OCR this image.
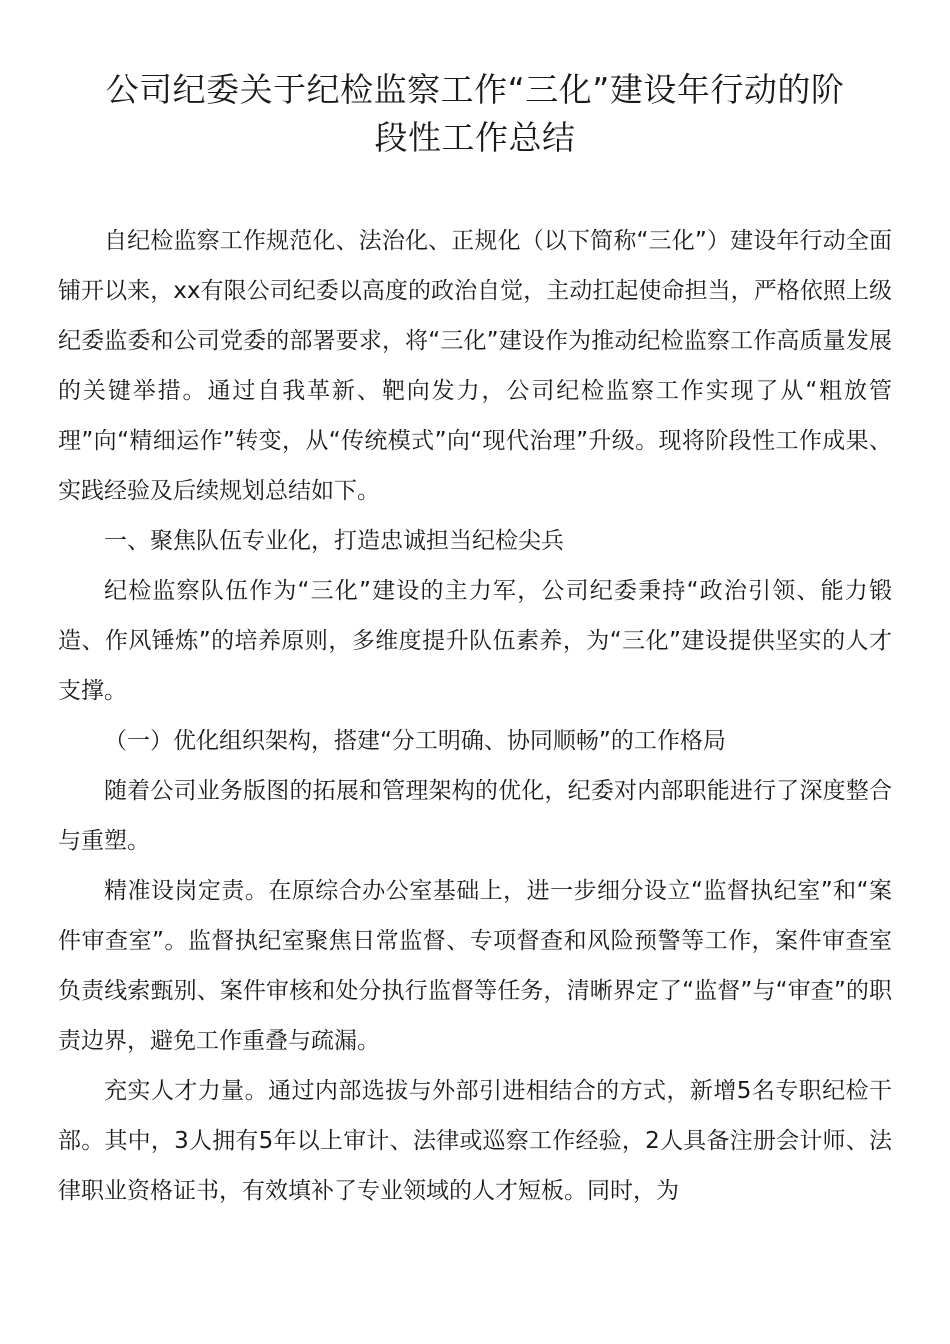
公司纪委关于纪检监察工作“三化”建设年行动的阶
段性工作总结

自纪检监察工作规范化、法治化、正规化（以下简称“三化”）建设年行动全面铺开以来，xx有限公司纪委以高度的政治自觉，主动扛起使命担当，严格依照上级纪委监委和公司党委的部署要求，将“三化”建设作为推动纪检监察工作高质量发展的关键举措。通过自我革新、靶向发力，公司纪检监察工作实现了从“粗放管理”向“精细运作”转变，从“传统模式”向“现代治理”升级。现将阶段性工作成果、实践经验及后续规划总结如下。

一、聚焦队伍专业化，打造忠诚担当纪检尖兵

纪检监察队伍作为“三化”建设的主力军，公司纪委秉持“政治引领、能力锻造、作风锤炼”的培养原则，多维度提升队伍素养，为“三化”建设提供坚实的人才支撑。

（一）优化组织架构，搭建“分工明确、协同顺畅”的工作格局

随着公司业务版图的拓展和管理架构的优化，纪委对内部职能进行了深度整合与重塑。

精准设岗定责。在原综合办公室基础上，进一步细分设立“监督执纪室”和“案件审查室”。监督执纪室聚焦日常监督、专项督查和风险预警等工作，案件审查室负责线索甄别、案件审核和处分执行监督等任务，清晰界定了“监督”与“审查”的职责边界，避免工作重叠与疏漏。

充实人才力量。通过内部选拔与外部引进相结合的方式，新增5名专职纪检干部。其中，3人拥有5年以上审计、法律或巡察工作经验，2人具备注册会计师、法律职业资格证书，有效填补了专业领域的人才短板。同时，为
